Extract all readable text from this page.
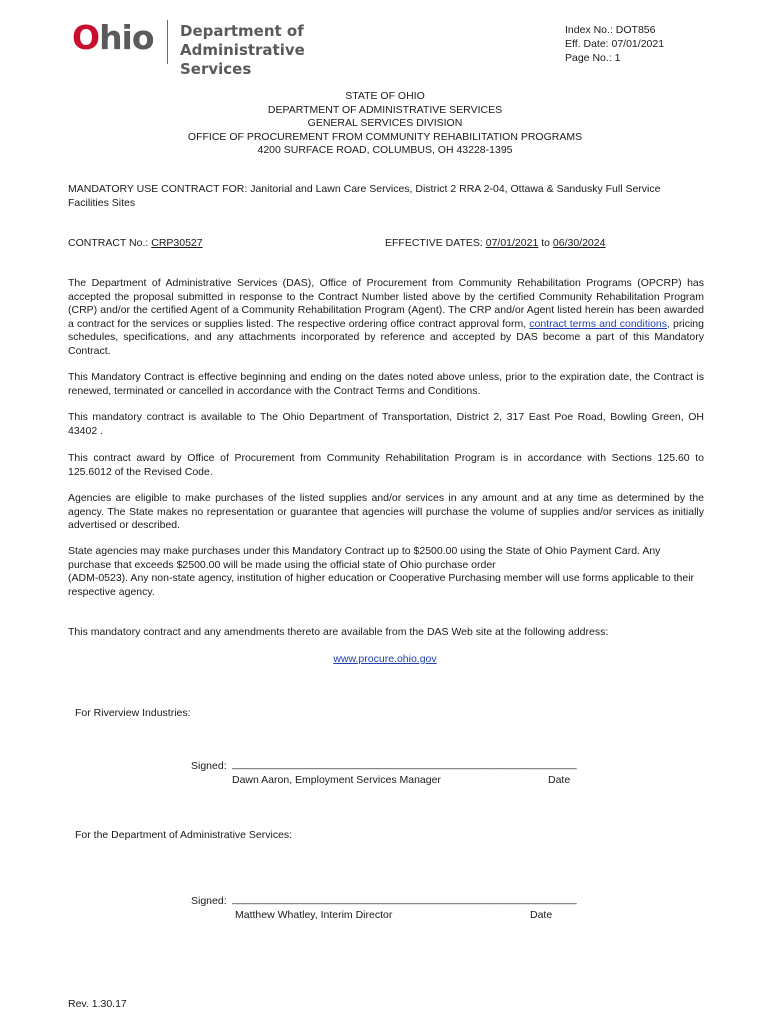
Ohio Department of
Administrative Services
Index No.: DOT856
Eff. Date: 07/01/2021
Page No.: 1
STATE OF OHIO
DEPARTMENT OF ADMINISTRATIVE SERVICES
GENERAL SERVICES DIVISION
OFFICE OF PROCUREMENT FROM COMMUNITY REHABILITATION PROGRAMS
4200 SURFACE ROAD, COLUMBUS, OH 43228-1395
MANDATORY USE CONTRACT FOR: Janitorial and Lawn Care Services, District 2 RRA 2-04, Ottawa & Sandusky Full Service Facilities Sites
CONTRACT No.: CRP30527	EFFECTIVE DATES: 07/01/2021 to 06/30/2024
The Department of Administrative Services (DAS), Office of Procurement from Community Rehabilitation Programs (OPCRP) has accepted the proposal submitted in response to the Contract Number listed above by the certified Community Rehabilitation Program (CRP) and/or the certified Agent of a Community Rehabilitation Program (Agent). The CRP and/or Agent listed herein has been awarded a contract for the services or supplies listed. The respective ordering office contract approval form, contract terms and conditions, pricing schedules, specifications, and any attachments incorporated by reference and accepted by DAS become a part of this Mandatory Contract.
This Mandatory Contract is effective beginning and ending on the dates noted above unless, prior to the expiration date, the Contract is renewed, terminated or cancelled in accordance with the Contract Terms and Conditions.
This mandatory contract is available to The Ohio Department of Transportation, District 2, 317 East Poe Road, Bowling Green, OH 43402 .
This contract award by Office of Procurement from Community Rehabilitation Program is in accordance with Sections 125.60 to 125.6012 of the Revised Code.
Agencies are eligible to make purchases of the listed supplies and/or services in any amount and at any time as determined by the agency. The State makes no representation or guarantee that agencies will purchase the volume of supplies and/or services as initially advertised or described.
State agencies may make purchases under this Mandatory Contract up to $2500.00 using the State of Ohio Payment Card. Any
purchase that exceeds $2500.00 will be made using the official state of Ohio purchase order
(ADM-0523). Any non-state agency, institution of higher education or Cooperative Purchasing member will use forms applicable to their respective agency.
This mandatory contract and any amendments thereto are available from the DAS Web site at the following address:
www.procure.ohio.gov
For Riverview Industries:
Signed: ___________________________________________________________
Dawn Aaron, Employment Services Manager	Date
For the Department of Administrative Services:
Signed: ___________________________________________________________
Matthew Whatley, Interim Director	Date
Rev. 1.30.17
